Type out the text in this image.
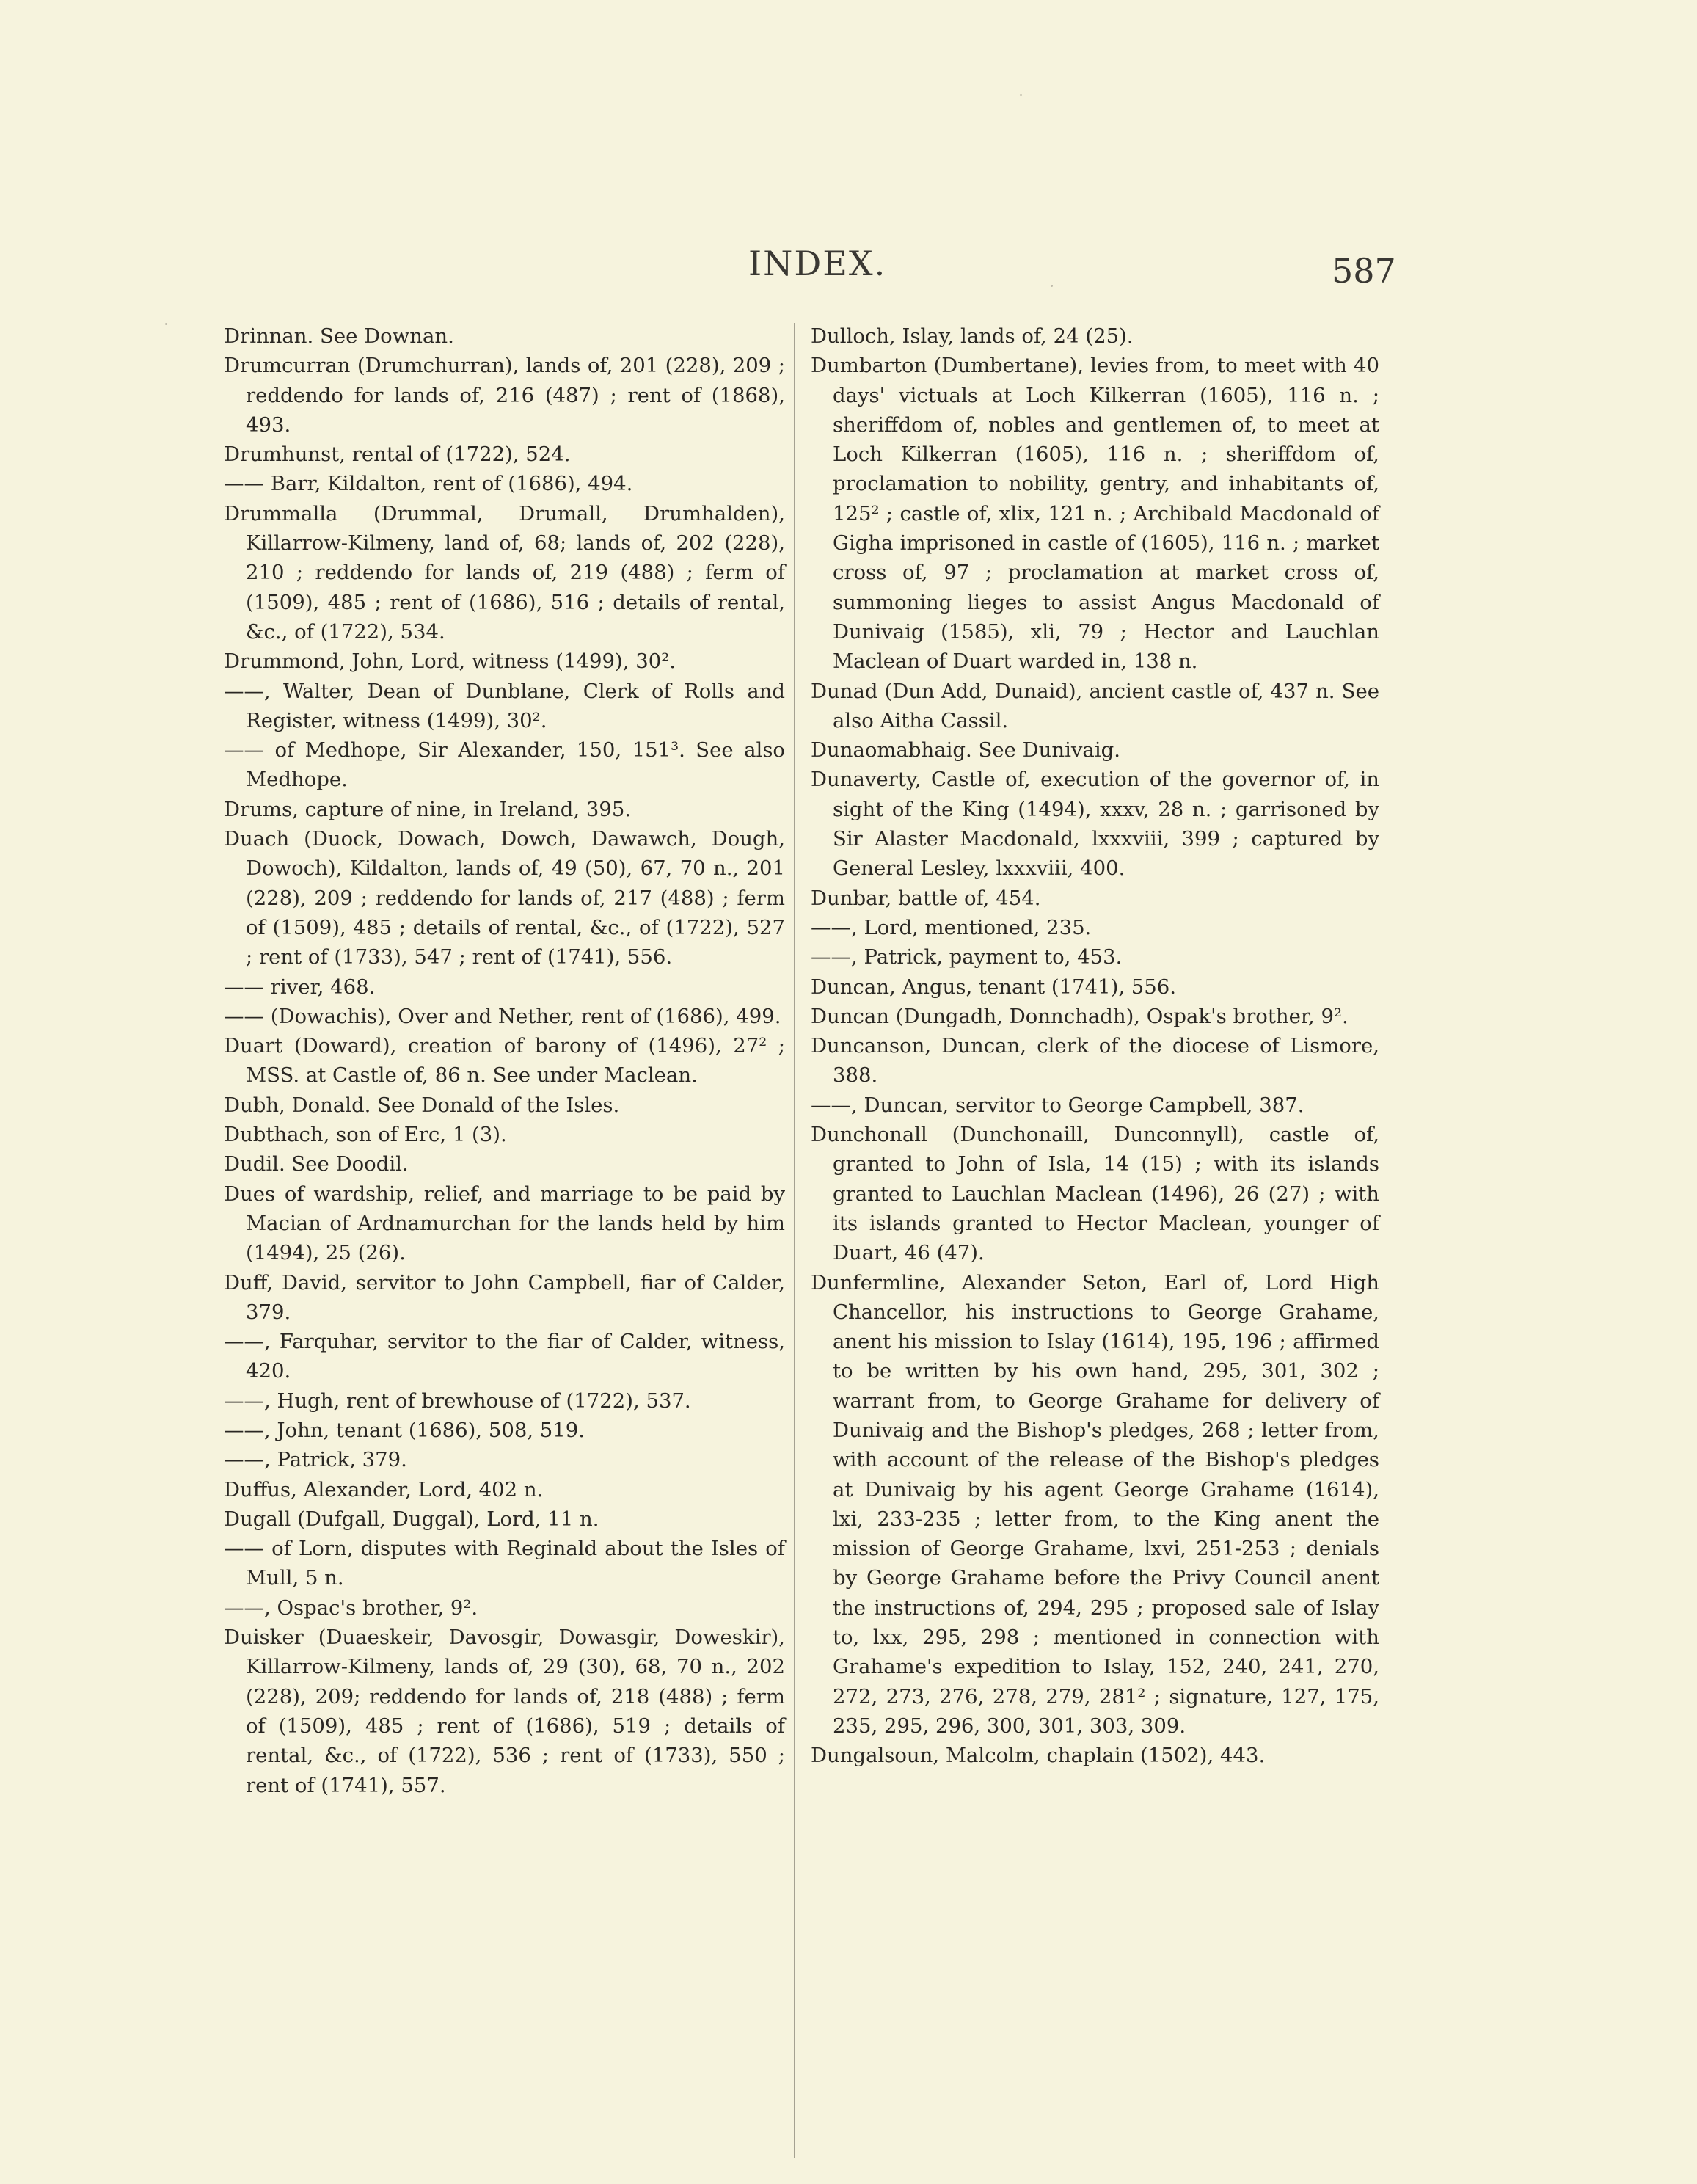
INDEX.	587

Drinnan. See Downan.

Drumcurran (Drumchurran), lands of, 201 (228), 209 ; reddendo for lands of, 216 (487) ; rent of (1868), 493.

Drumhunst, rental of (1722), 524.

—— Barr, Kildalton, rent of (1686), 494.

Drummalla (Drummal, Drumall, Drumhalden), Killarrow-Kilmeny, land of, 68; lands of, 202 (228), 210 ; reddendo for lands of, 219 (488) ; ferm of (1509), 485 ; rent of (1686), 516 ; details of rental, &c., of (1722), 534.

Drummond, John, Lord, witness (1499), 30².

——, Walter, Dean of Dunblane, Clerk of Rolls and Register, witness (1499), 30².

—— of Medhope, Sir Alexander, 150, 151³. See also Medhope.

Drums, capture of nine, in Ireland, 395.

Duach (Duock, Dowach, Dowch, Dawawch, Dough, Dowoch), Kildalton, lands of, 49 (50), 67, 70 n., 201 (228), 209 ; reddendo for lands of, 217 (488) ; ferm of (1509), 485 ; details of rental, &c., of (1722), 527 ; rent of (1733), 547 ; rent of (1741), 556.

—— river, 468.

—— (Dowachis), Over and Nether, rent of (1686), 499.

Duart (Doward), creation of barony of (1496), 27² ; MSS. at Castle of, 86 n. See under Maclean.

Dubh, Donald. See Donald of the Isles.

Dubthach, son of Erc, 1 (3).

Dudil. See Doodil.

Dues of wardship, relief, and marriage to be paid by Macian of Ardnamurchan for the lands held by him (1494), 25 (26).

Duff, David, servitor to John Campbell, fiar of Calder, 379.

——, Farquhar, servitor to the fiar of Calder, witness, 420.

——, Hugh, rent of brewhouse of (1722), 537.

——, John, tenant (1686), 508, 519.

——, Patrick, 379.

Duffus, Alexander, Lord, 402 n.

Dugall (Dufgall, Duggal), Lord, 11 n.

—— of Lorn, disputes with Reginald about the Isles of Mull, 5 n.

——, Ospac's brother, 9².

Duisker (Duaeskeir, Davosgir, Dowasgir, Doweskir), Killarrow-Kilmeny, lands of, 29 (30), 68, 70 n., 202 (228), 209; reddendo for lands of, 218 (488) ; ferm of (1509), 485 ; rent of (1686), 519 ; details of rental, &c., of (1722), 536 ; rent of (1733), 550 ; rent of (1741), 557.

Dulloch, Islay, lands of, 24 (25).

Dumbarton (Dumbertane), levies from, to meet with 40 days' victuals at Loch Kilkerran (1605), 116 n. ; sheriffdom of, nobles and gentlemen of, to meet at Loch Kilkerran (1605), 116 n. ; sheriffdom of, proclamation to nobility, gentry, and inhabitants of, 125² ; castle of, xlix, 121 n. ; Archibald Macdonald of Gigha imprisoned in castle of (1605), 116 n. ; market cross of, 97 ; proclamation at market cross of, summoning lieges to assist Angus Macdonald of Dunivaig (1585), xli, 79 ; Hector and Lauchlan Maclean of Duart warded in, 138 n.

Dunad (Dun Add, Dunaid), ancient castle of, 437 n. See also Aitha Cassil.

Dunaomabhaig. See Dunivaig.

Dunaverty, Castle of, execution of the governor of, in sight of the King (1494), xxxv, 28 n. ; garrisoned by Sir Alaster Macdonald, lxxxviii, 399 ; captured by General Lesley, lxxxviii, 400.

Dunbar, battle of, 454.

——, Lord, mentioned, 235.

——, Patrick, payment to, 453.

Duncan, Angus, tenant (1741), 556.

Duncan (Dungadh, Donnchadh), Ospak's brother, 9².

Duncanson, Duncan, clerk of the diocese of Lismore, 388.

——, Duncan, servitor to George Campbell, 387.

Dunchonall (Dunchonaill, Dunconnyll), castle of, granted to John of Isla, 14 (15) ; with its islands granted to Lauchlan Maclean (1496), 26 (27) ; with its islands granted to Hector Maclean, younger of Duart, 46 (47).

Dunfermline, Alexander Seton, Earl of, Lord High Chancellor, his instructions to George Grahame, anent his mission to Islay (1614), 195, 196 ; affirmed to be written by his own hand, 295, 301, 302 ; warrant from, to George Grahame for delivery of Dunivaig and the Bishop's pledges, 268 ; letter from, with account of the release of the Bishop's pledges at Dunivaig by his agent George Grahame (1614), lxi, 233-235 ; letter from, to the King anent the mission of George Grahame, lxvi, 251-253 ; denials by George Grahame before the Privy Council anent the instructions of, 294, 295 ; proposed sale of Islay to, lxx, 295, 298 ; mentioned in connection with Grahame's expedition to Islay, 152, 240, 241, 270, 272, 273, 276, 278, 279, 281² ; signature, 127, 175, 235, 295, 296, 300, 301, 303, 309.

Dungalsoun, Malcolm, chaplain (1502), 443.
